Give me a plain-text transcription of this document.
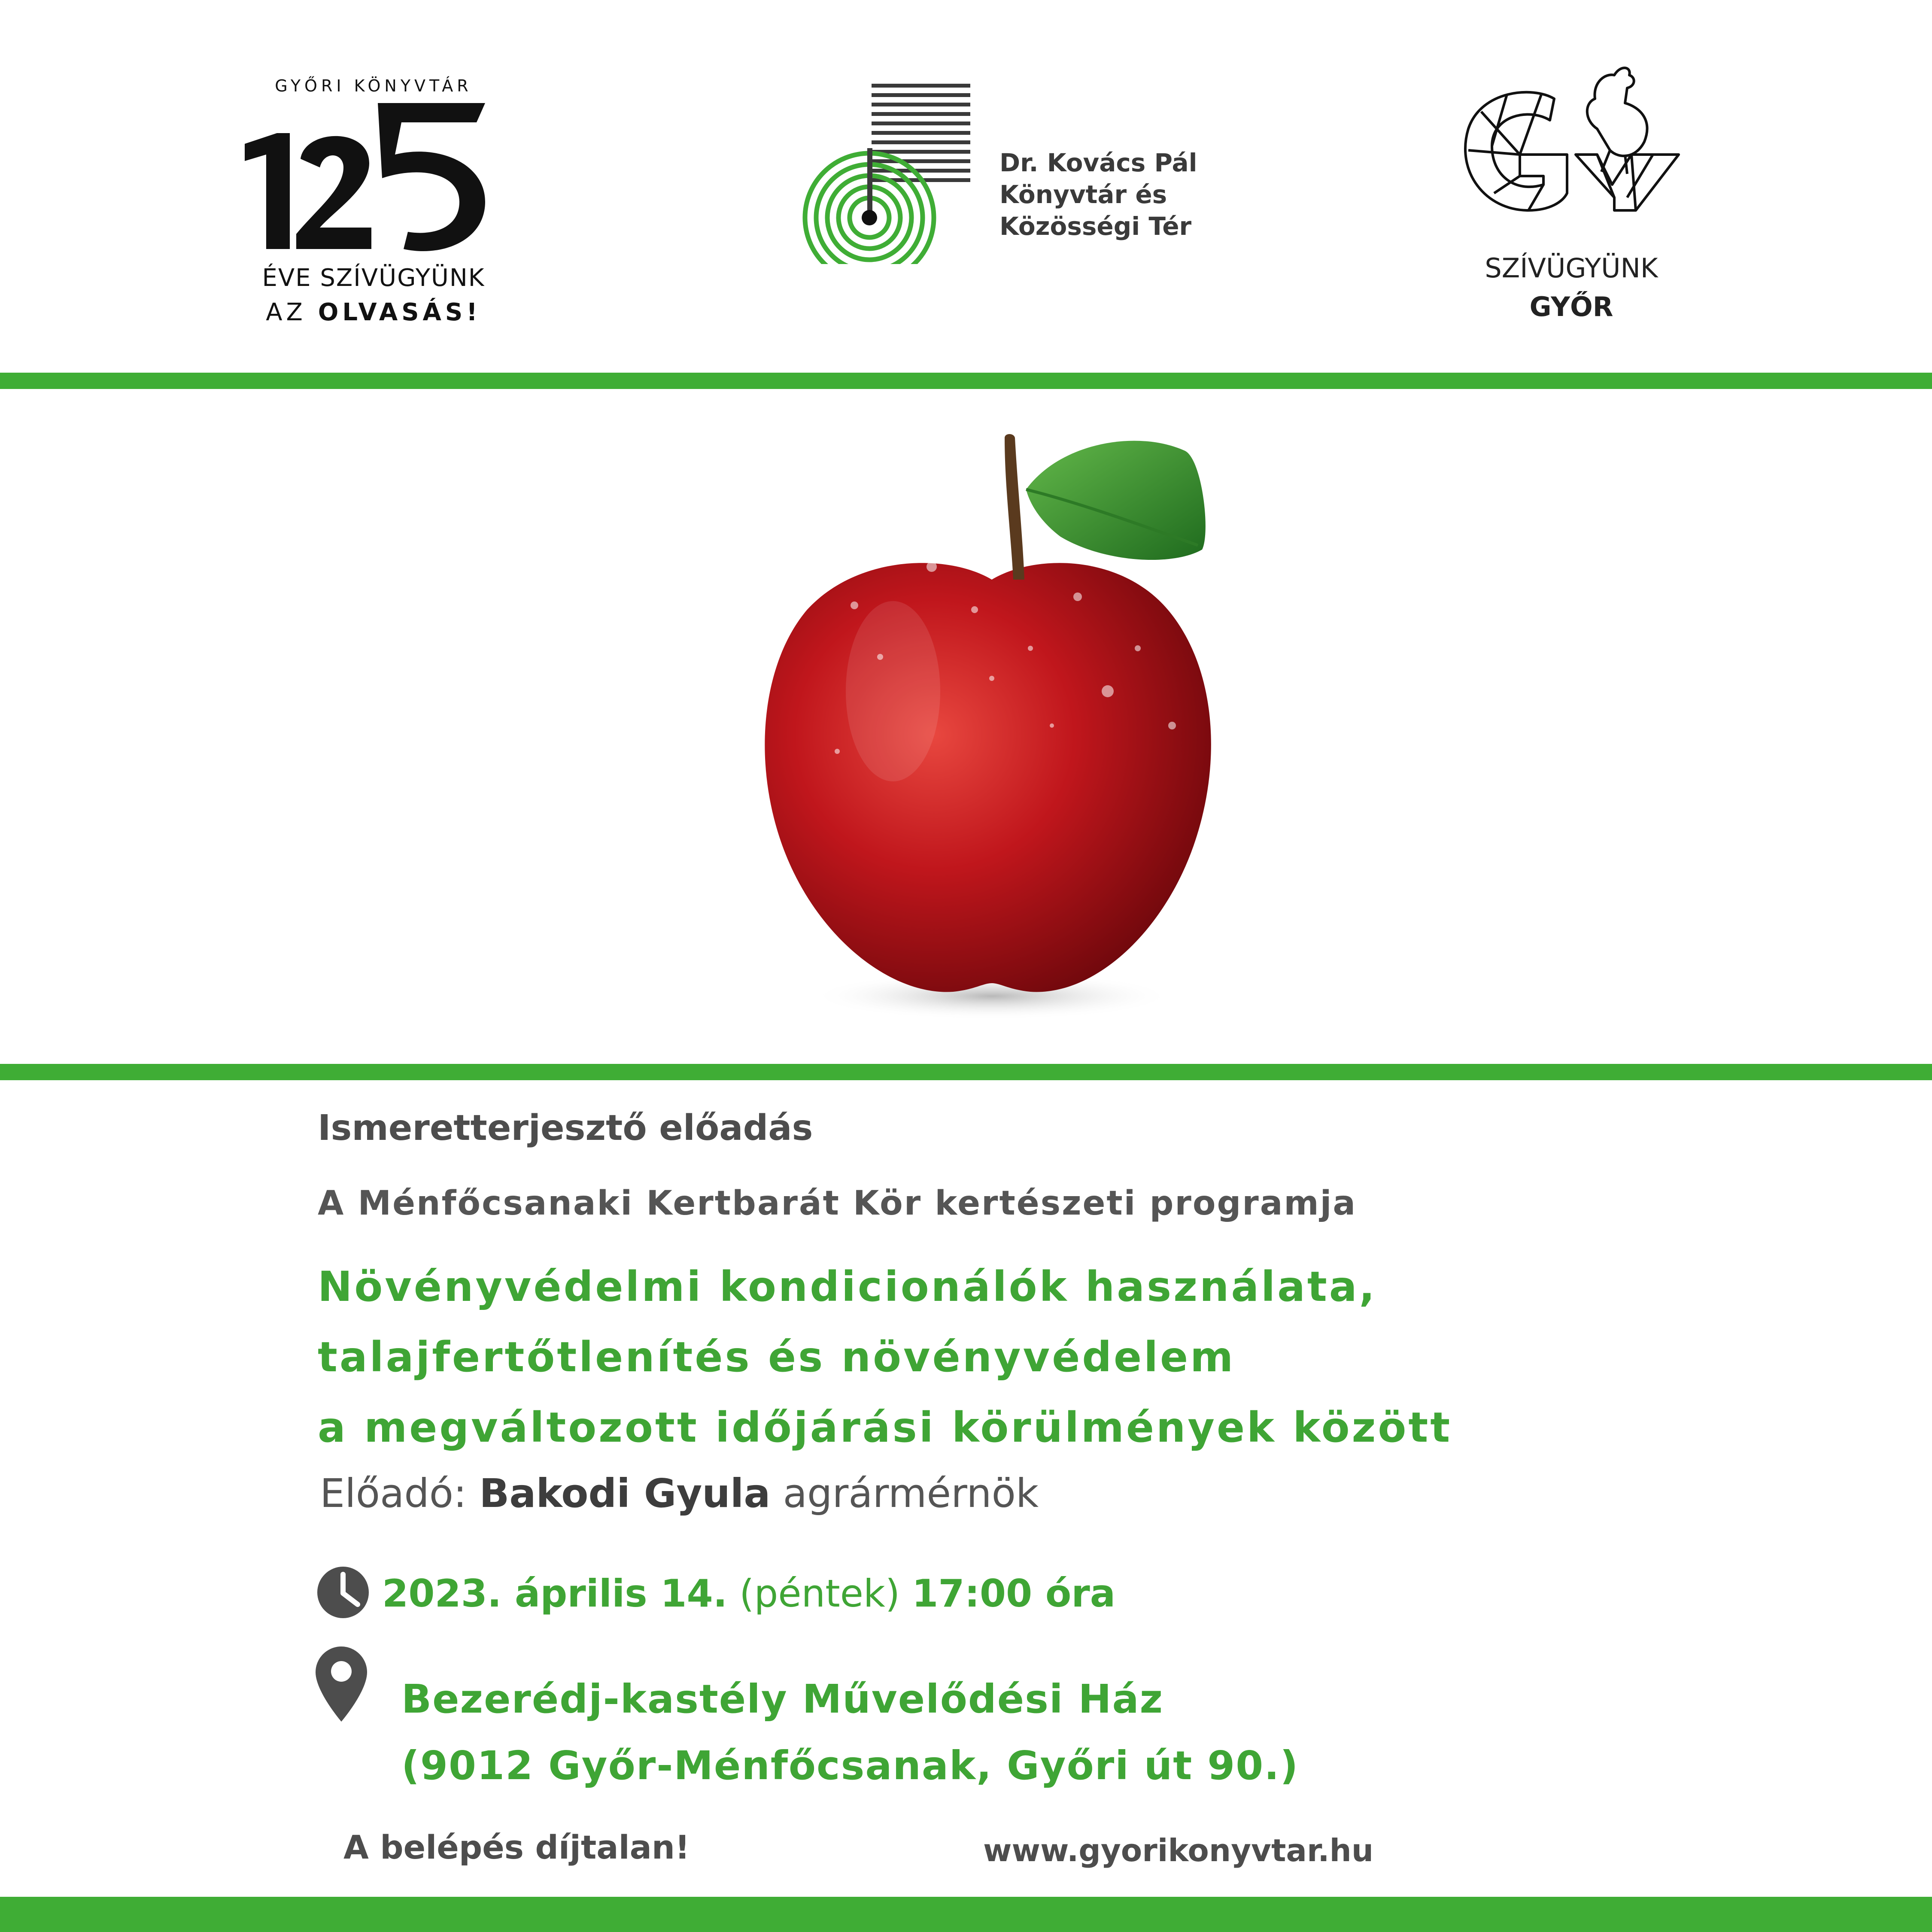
GYŐRI KÖNYVTÁR
ÉVE SZÍVÜGYÜNK
AZ OLVASÁS!
Dr. Kovács Pál
Könyvtár és
Közösségi Tér
SZÍVÜGYÜNK
GYŐR
Ismeretterjesztő előadás
A Ménfőcsanaki Kertbarát Kör kertészeti programja
Növényvédelmi kondicionálók használata,
talajfertőtlenítés és növényvédelem
a megváltozott időjárási körülmények között
Előadó: Bakodi Gyula agrármérnök
2023. április 14. (péntek) 17:00 óra
Bezerédj-kastély Művelődési Ház
(9012 Győr-Ménfőcsanak, Győri út 90.)
A belépés díjtalan!	www.gyorikonyvtar.hu
